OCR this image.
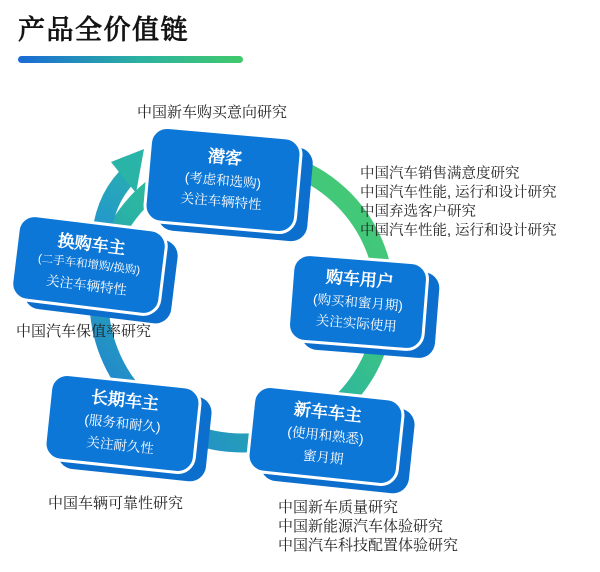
产品全价值链
潜客
(考虑和选购)
关注车辆特性
换购车主
(二手车和增购/换购)
关注车辆特性	购车用户
(购买和蜜月期)
关注实际使用
长期车主
(服务和耐久)
关注耐久性
新车车主
(使用和熟悉)
蜜月期
中国新车购买意向研究
中国汽车销售满意度研究
中国汽车性能, 运行和设计研究
中国弃选客户研究
中国汽车性能, 运行和设计研究
中国汽车保值率研究
中国车辆可靠性研究	中国新车质量研究
中国新能源汽车体验研究
中国汽车科技配置体验研究
